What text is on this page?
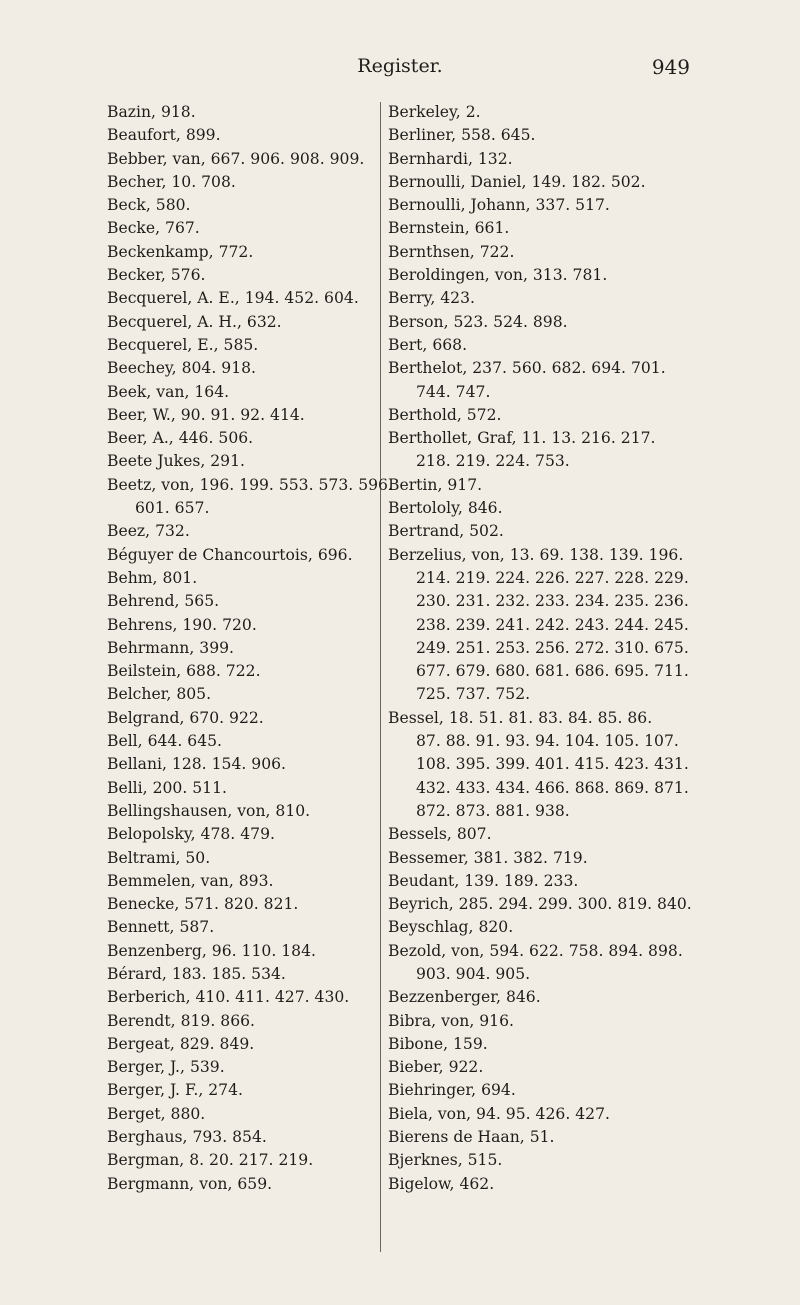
Register.	949
Bazin, 918.
Beaufort, 899.
Bebber, van, 667. 906. 908. 909.
Becher, 10. 708.
Beck, 580.
Becke, 767.
Beckenkamp, 772.
Becker, 576.
Becquerel, A. E., 194. 452. 604.
Becquerel, A. H., 632.
Becquerel, E., 585.
Beechey, 804. 918.
Beek, van, 164.
Beer, W., 90. 91. 92. 414.
Beer, A., 446. 506.
Beete Jukes, 291.
Beetz, von, 196. 199. 553. 573. 596.
601. 657.
Beez, 732.
Béguyer de Chancourtois, 696.
Behm, 801.
Behrend, 565.
Behrens, 190. 720.
Behrmann, 399.
Beilstein, 688. 722.
Belcher, 805.
Belgrand, 670. 922.
Bell, 644. 645.
Bellani, 128. 154. 906.
Belli, 200. 511.
Bellingshausen, von, 810.
Belopolsky, 478. 479.
Beltrami, 50.
Bemmelen, van, 893.
Benecke, 571. 820. 821.
Bennett, 587.
Benzenberg, 96. 110. 184.
Bérard, 183. 185. 534.
Berberich, 410. 411. 427. 430.
Berendt, 819. 866.
Bergeat, 829. 849.
Berger, J., 539.
Berger, J. F., 274.
Berget, 880.
Berghaus, 793. 854.
Bergman, 8. 20. 217. 219.
Bergmann, von, 659.
Berkeley, 2.
Berliner, 558. 645.
Bernhardi, 132.
Bernoulli, Daniel, 149. 182. 502.
Bernoulli, Johann, 337. 517.
Bernstein, 661.
Bernthsen, 722.
Beroldingen, von, 313. 781.
Berry, 423.
Berson, 523. 524. 898.
Bert, 668.
Berthelot, 237. 560. 682. 694. 701.
744. 747.
Berthold, 572.
Berthollet, Graf, 11. 13. 216. 217.
218. 219. 224. 753.
Bertin, 917.
Bertololy, 846.
Bertrand, 502.
Berzelius, von, 13. 69. 138. 139. 196.
214. 219. 224. 226. 227. 228. 229.
230. 231. 232. 233. 234. 235. 236.
238. 239. 241. 242. 243. 244. 245.
249. 251. 253. 256. 272. 310. 675.
677. 679. 680. 681. 686. 695. 711.
725. 737. 752.
Bessel, 18. 51. 81. 83. 84. 85. 86.
87. 88. 91. 93. 94. 104. 105. 107.
108. 395. 399. 401. 415. 423. 431.
432. 433. 434. 466. 868. 869. 871.
872. 873. 881. 938.
Bessels, 807.
Bessemer, 381. 382. 719.
Beudant, 139. 189. 233.
Beyrich, 285. 294. 299. 300. 819. 840.
Beyschlag, 820.
Bezold, von, 594. 622. 758. 894. 898.
903. 904. 905.
Bezzenberger, 846.
Bibra, von, 916.
Bibone, 159.
Bieber, 922.
Biehringer, 694.
Biela, von, 94. 95. 426. 427.
Bierens de Haan, 51.
Bjerknes, 515.
Bigelow, 462.
